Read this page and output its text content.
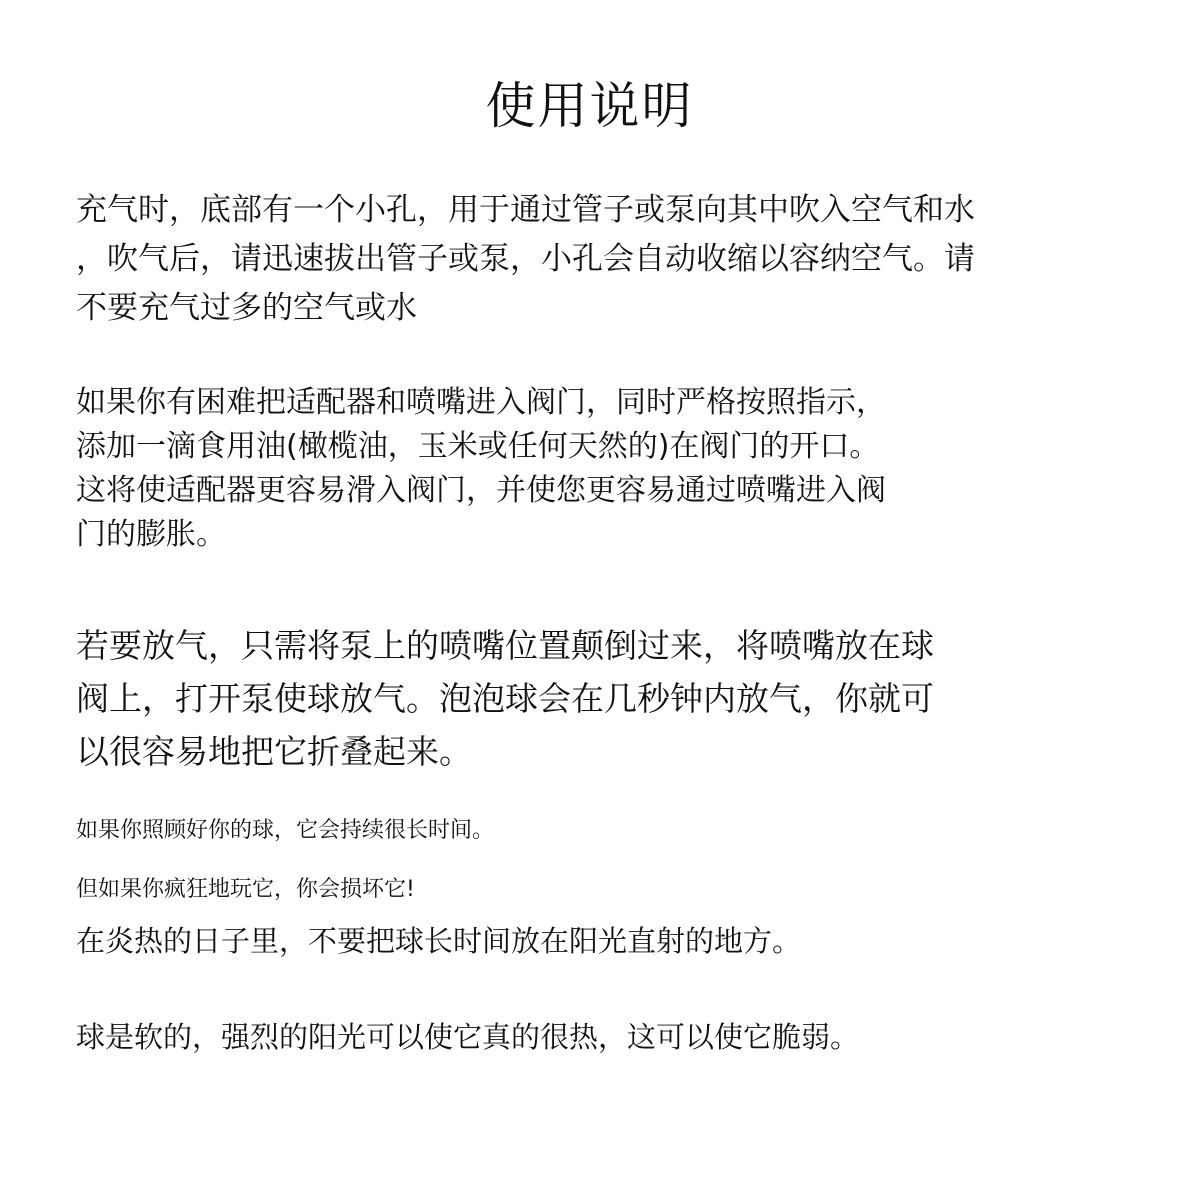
使用说明
充气时，底部有一个小孔，用于通过管子或泵向其中吹入空气和水
，吹气后，请迅速拔出管子或泵，小孔会自动收缩以容纳空气。请
不要充气过多的空气或水
如果你有困难把适配器和喷嘴进入阀门，同时严格按照指示，
添加一滴食用油(橄榄油，玉米或任何天然的)在阀门的开口。
这将使适配器更容易滑入阀门，并使您更容易通过喷嘴进入阀
门的膨胀。
若要放气，只需将泵上的喷嘴位置颠倒过来，将喷嘴放在球
阀上，打开泵使球放气。泡泡球会在几秒钟内放气，你就可
以很容易地把它折叠起来。
如果你照顾好你的球，它会持续很长时间。
但如果你疯狂地玩它，你会损坏它!
在炎热的日子里，不要把球长时间放在阳光直射的地方。
球是软的，强烈的阳光可以使它真的很热，这可以使它脆弱。
